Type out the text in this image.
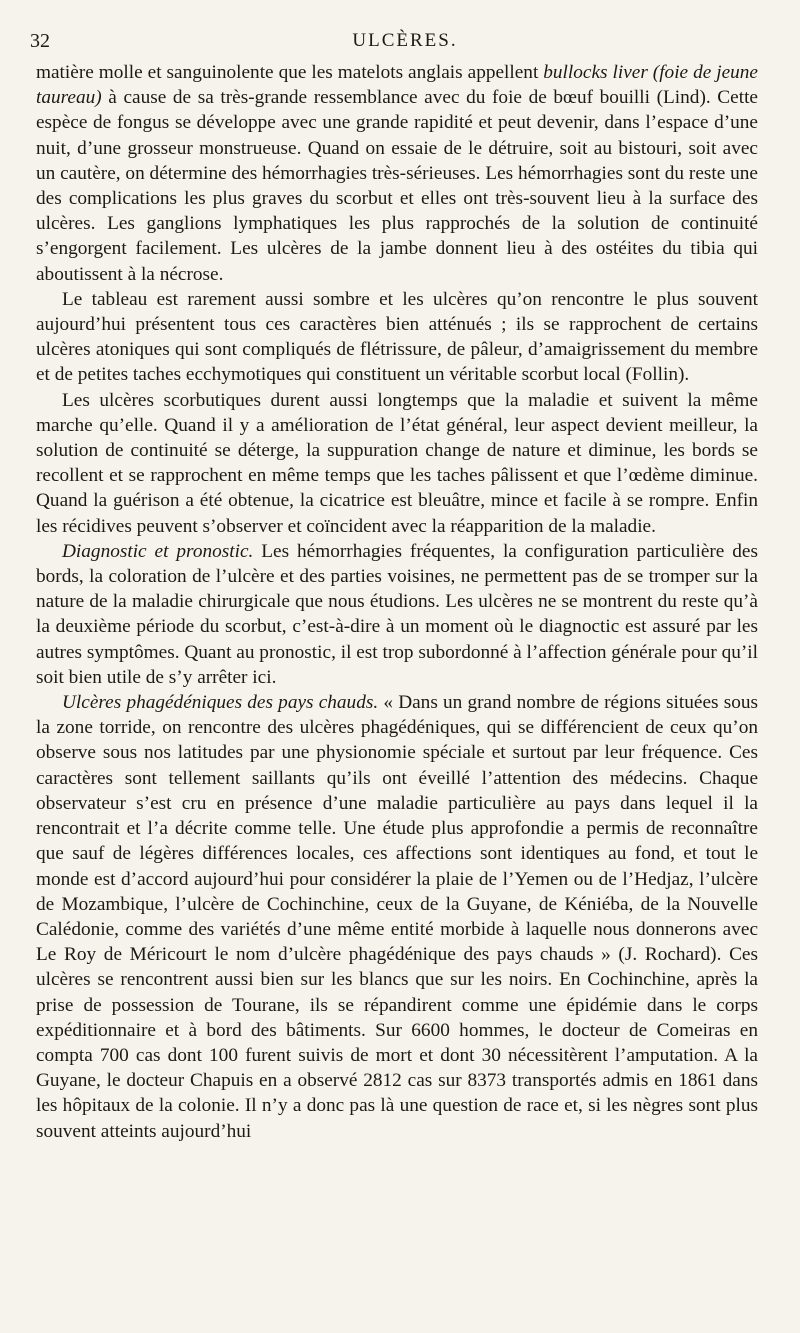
32	ULCÈRES.

matière molle et sanguinolente que les matelots anglais appellent bullocks liver (foie de jeune taureau) à cause de sa très-grande ressemblance avec du foie de bœuf bouilli (Lind). Cette espèce de fongus se développe avec une grande rapidité et peut devenir, dans l’espace d’une nuit, d’une grosseur monstrueuse. Quand on essaie de le détruire, soit au bistouri, soit avec un cautère, on détermine des hémorrhagies très-sérieuses. Les hémorrhagies sont du reste une des complications les plus graves du scorbut et elles ont très-souvent lieu à la surface des ulcères. Les ganglions lymphatiques les plus rapprochés de la solution de continuité s’engorgent facilement. Les ulcères de la jambe donnent lieu à des ostéites du tibia qui aboutissent à la nécrose.

Le tableau est rarement aussi sombre et les ulcères qu’on rencontre le plus souvent aujourd’hui présentent tous ces caractères bien atténués ; ils se rapprochent de certains ulcères atoniques qui sont compliqués de flétrissure, de pâleur, d’amaigrissement du membre et de petites taches ecchymotiques qui constituent un véritable scorbut local (Follin).

Les ulcères scorbutiques durent aussi longtemps que la maladie et suivent la même marche qu’elle. Quand il y a amélioration de l’état général, leur aspect devient meilleur, la solution de continuité se déterge, la suppuration change de nature et diminue, les bords se recollent et se rapprochent en même temps que les taches pâlissent et que l’œdème diminue. Quand la guérison a été obtenue, la cicatrice est bleuâtre, mince et facile à se rompre. Enfin les récidives peuvent s’observer et coïncident avec la réapparition de la maladie.

Diagnostic et pronostic. Les hémorrhagies fréquentes, la configuration particulière des bords, la coloration de l’ulcère et des parties voisines, ne permettent pas de se tromper sur la nature de la maladie chirurgicale que nous étudions. Les ulcères ne se montrent du reste qu’à la deuxième période du scorbut, c’est-à-dire à un moment où le diagnoctic est assuré par les autres symptômes. Quant au pronostic, il est trop subordonné à l’affection générale pour qu’il soit bien utile de s’y arrêter ici.

Ulcères phagédéniques des pays chauds. « Dans un grand nombre de régions situées sous la zone torride, on rencontre des ulcères phagédéniques, qui se différencient de ceux qu’on observe sous nos latitudes par une physionomie spéciale et surtout par leur fréquence. Ces caractères sont tellement saillants qu’ils ont éveillé l’attention des médecins. Chaque observateur s’est cru en présence d’une maladie particulière au pays dans lequel il la rencontrait et l’a décrite comme telle. Une étude plus approfondie a permis de reconnaître que sauf de légères différences locales, ces affections sont identiques au fond, et tout le monde est d’accord aujourd’hui pour considérer la plaie de l’Yemen ou de l’Hedjaz, l’ulcère de Mozambique, l’ulcère de Cochinchine, ceux de la Guyane, de Kéniéba, de la Nouvelle Calédonie, comme des variétés d’une même entité morbide à laquelle nous donnerons avec Le Roy de Méricourt le nom d’ulcère phagédénique des pays chauds » (J. Rochard). Ces ulcères se rencontrent aussi bien sur les blancs que sur les noirs. En Cochinchine, après la prise de possession de Tourane, ils se répandirent comme une épidémie dans le corps expéditionnaire et à bord des bâtiments. Sur 6600 hommes, le docteur de Comeiras en compta 700 cas dont 100 furent suivis de mort et dont 30 nécessitèrent l’amputation. A la Guyane, le docteur Chapuis en a observé 2812 cas sur 8373 transportés admis en 1861 dans les hôpitaux de la colonie. Il n’y a donc pas là une question de race et, si les nègres sont plus souvent atteints aujourd’hui
